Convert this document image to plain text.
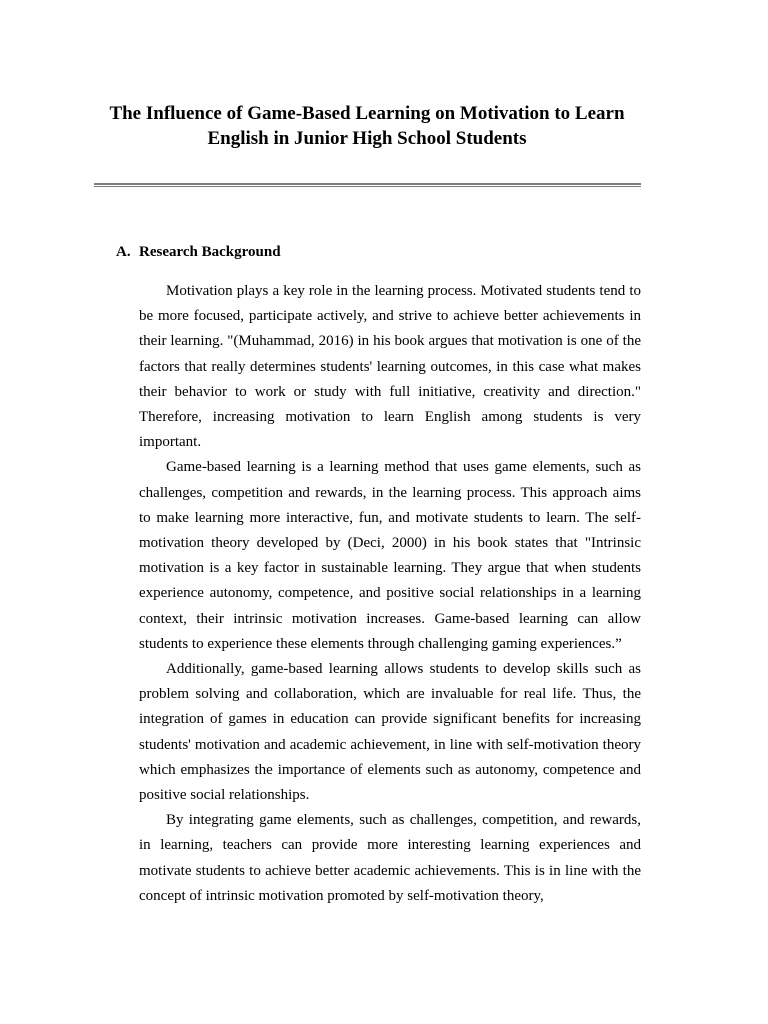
The Influence of Game-Based Learning on Motivation to Learn English in Junior High School Students
A. Research Background

Motivation plays a key role in the learning process. Motivated students tend to be more focused, participate actively, and strive to achieve better achievements in their learning. "(Muhammad, 2016) in his book argues that motivation is one of the factors that really determines students' learning outcomes, in this case what makes their behavior to work or study with full initiative, creativity and direction." Therefore, increasing motivation to learn English among students is very important.

Game-based learning is a learning method that uses game elements, such as challenges, competition and rewards, in the learning process. This approach aims to make learning more interactive, fun, and motivate students to learn. The self-motivation theory developed by (Deci, 2000) in his book states that "Intrinsic motivation is a key factor in sustainable learning. They argue that when students experience autonomy, competence, and positive social relationships in a learning context, their intrinsic motivation increases. Game-based learning can allow students to experience these elements through challenging gaming experiences.”

Additionally, game-based learning allows students to develop skills such as problem solving and collaboration, which are invaluable for real life. Thus, the integration of games in education can provide significant benefits for increasing students' motivation and academic achievement, in line with self-motivation theory which emphasizes the importance of elements such as autonomy, competence and positive social relationships.

By integrating game elements, such as challenges, competition, and rewards, in learning, teachers can provide more interesting learning experiences and motivate students to achieve better academic achievements. This is in line with the concept of intrinsic motivation promoted by self-motivation theory,
